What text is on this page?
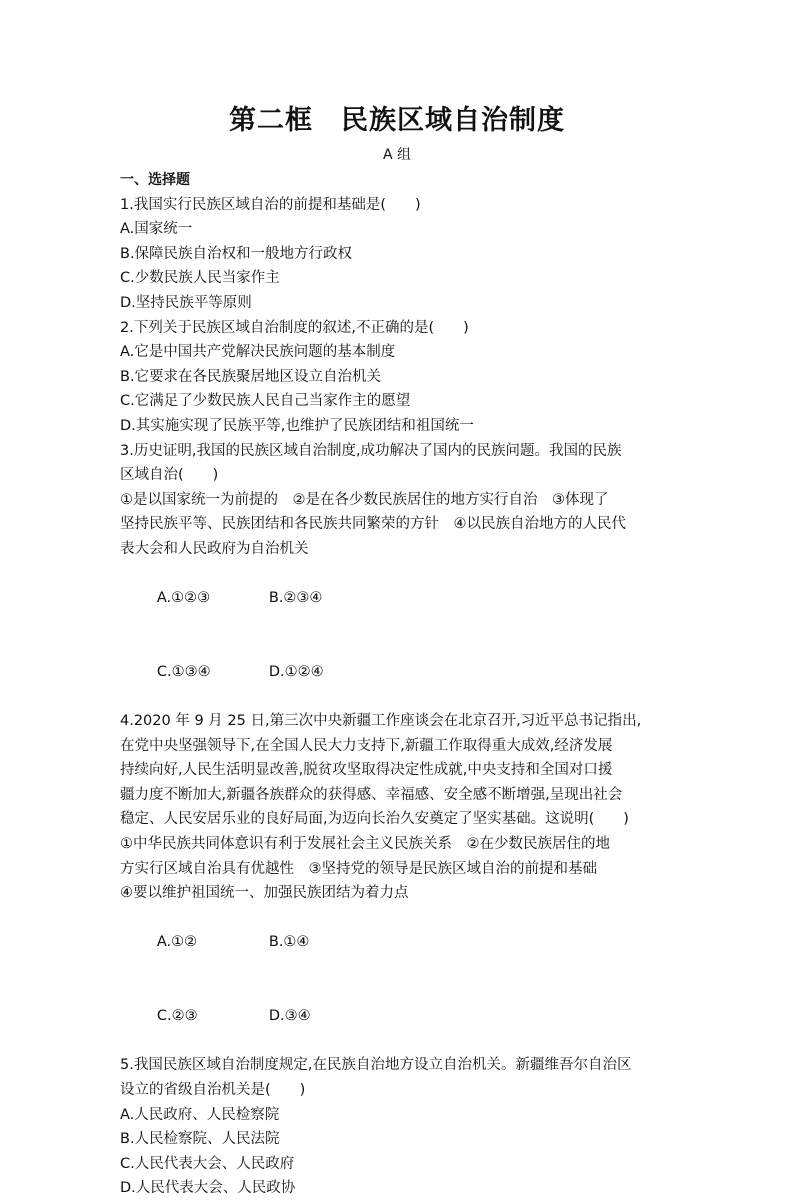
第二框　民族区域自治制度
A 组
一、选择题
1.我国实行民族区域自治的前提和基础是(　　)
A.国家统一
B.保障民族自治权和一般地方行政权
C.少数民族人民当家作主
D.坚持民族平等原则
2.下列关于民族区域自治制度的叙述,不正确的是(　　)
A.它是中国共产党解决民族问题的基本制度
B.它要求在各民族聚居地区设立自治机关
C.它满足了少数民族人民自己当家作主的愿望
D.其实施实现了民族平等,也维护了民族团结和祖国统一
3.历史证明,我国的民族区域自治制度,成功解决了国内的民族问题。我国的民族
区域自治(　　)
①是以国家统一为前提的　②是在各少数民族居住的地方实行自治　③体现了
坚持民族平等、民族团结和各民族共同繁荣的方针　④以民族自治地方的人民代
表大会和人民政府为自治机关

A.①②③	B.②③④

C.①③④	D.①②④

4.2020 年 9 月 25 日,第三次中央新疆工作座谈会在北京召开,习近平总书记指出,
在党中央坚强领导下,在全国人民大力支持下,新疆工作取得重大成效,经济发展
持续向好,人民生活明显改善,脱贫攻坚取得决定性成就,中央支持和全国对口援
疆力度不断加大,新疆各族群众的获得感、幸福感、安全感不断增强,呈现出社会
稳定、人民安居乐业的良好局面,为迈向长治久安奠定了坚实基础。这说明(　　)
①中华民族共同体意识有利于发展社会主义民族关系　②在少数民族居住的地
方实行区域自治具有优越性　③坚持党的领导是民族区域自治的前提和基础
④要以维护祖国统一、加强民族团结为着力点

A.①②	B.①④

C.②③	D.③④

5.我国民族区域自治制度规定,在民族自治地方设立自治机关。新疆维吾尔自治区
设立的省级自治机关是(　　)
A.人民政府、人民检察院
B.人民检察院、人民法院
C.人民代表大会、人民政府
D.人民代表大会、人民政协
